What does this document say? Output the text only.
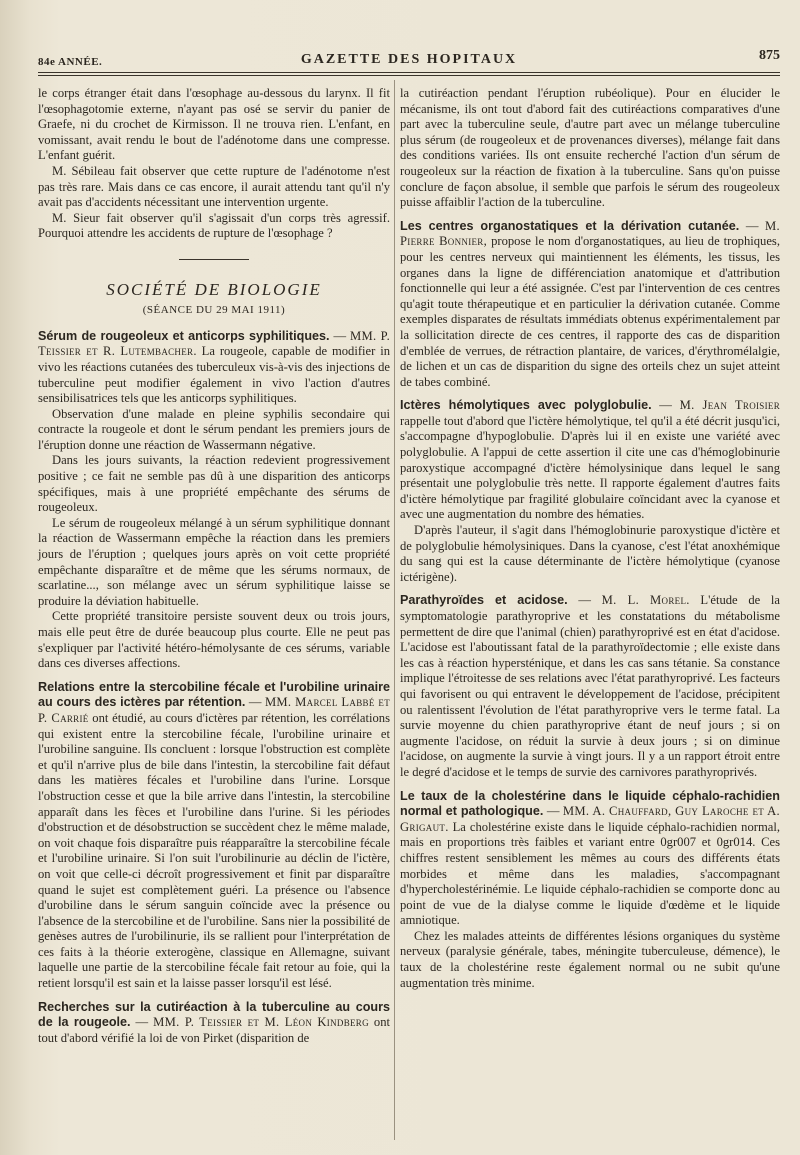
84e ANNÉE.	GAZETTE DES HOPITAUX	875

le corps étranger était dans l'œsophage au-dessous du larynx. Il fit l'œsophagotomie externe, n'ayant pas osé se servir du panier de Graefe, ni du crochet de Kirmisson. Il ne trouva rien. L'enfant, en vomissant, avait rendu le bout de l'adénotome dans une compresse. L'enfant guérit.

M. Sébileau fait observer que cette rupture de l'adénotome n'est pas très rare. Mais dans ce cas encore, il aurait attendu tant qu'il n'y avait pas d'accidents nécessitant une intervention urgente.

M. Sieur fait observer qu'il s'agissait d'un corps très agressif. Pourquoi attendre les accidents de rupture de l'œsophage ?

SOCIÉTÉ DE BIOLOGIE
(SÉANCE DU 29 MAI 1911)

Sérum de rougeoleux et anticorps syphilitiques. — MM. P. Teissier et R. Lutembacher. La rougeole, capable de modifier in vivo les réactions cutanées des tuberculeux vis-à-vis des injections de tuberculine peut modifier également in vivo l'action d'autres sensibilisatrices tels que les anticorps syphilitiques.

Observation d'une malade en pleine syphilis secondaire qui contracte la rougeole et dont le sérum pendant les premiers jours de l'éruption donne une réaction de Wassermann négative.

Dans les jours suivants, la réaction redevient progressivement positive ; ce fait ne semble pas dû à une disparition des anticorps spécifiques, mais à une propriété empêchante des sérums de rougeoleux.

Le sérum de rougeoleux mélangé à un sérum syphilitique donnant la réaction de Wassermann empêche la réaction dans les premiers jours de l'éruption ; quelques jours après on voit cette propriété empêchante disparaître et de même que les sérums normaux, de scarlatine..., son mélange avec un sérum syphilitique laisse se produire la déviation habituelle.

Cette propriété transitoire persiste souvent deux ou trois jours, mais elle peut être de durée beaucoup plus courte. Elle ne peut pas s'expliquer par l'activité hétéro-hémolysante de ces sérums, variable dans ces diverses affections.

Relations entre la stercobiline fécale et l'urobiline urinaire au cours des ictères par rétention. — MM. Marcel Labbé et P. Carrié ont étudié, au cours d'ictères par rétention, les corrélations qui existent entre la stercobiline fécale, l'urobiline urinaire et l'urobiline sanguine. Ils concluent : lorsque l'obstruction est complète et qu'il n'arrive plus de bile dans l'intestin, la stercobiline fait défaut dans les matières fécales et l'urobiline dans l'urine. Lorsque l'obstruction cesse et que la bile arrive dans l'intestin, la stercobiline apparaît dans les fèces et l'urobiline dans l'urine. Si les périodes d'obstruction et de désobstruction se succèdent chez le même malade, on voit chaque fois disparaître puis réapparaître la stercobiline fécale et l'urobiline urinaire. Si l'on suit l'urobilinurie au déclin de l'ictère, on voit que celle-ci décroît progressivement et finit par disparaître quand le sujet est complètement guéri. La présence ou l'absence d'urobiline dans le sérum sanguin coïncide avec la présence ou l'absence de la stercobiline et de l'urobiline. Sans nier la possibilité de genèses autres de l'urobilinurie, ils se rallient pour l'interprétation de ces faits à la théorie exterogène, classique en Allemagne, suivant laquelle une partie de la stercobiline fécale fait retour au foie, qui la retient lorsqu'il est sain et la laisse passer lorsqu'il est lésé.

Recherches sur la cutiréaction à la tuberculine au cours de la rougeole. — MM. P. Teissier et M. Léon Kindberg ont tout d'abord vérifié la loi de von Pirket (disparition de

la cutiréaction pendant l'éruption rubéolique). Pour en élucider le mécanisme, ils ont tout d'abord fait des cutiréactions comparatives d'une part avec la tuberculine seule, d'autre part avec un mélange tuberculine plus sérum (de rougeoleux et de provenances diverses), mélange fait dans des conditions variées. Ils ont ensuite recherché l'action d'un sérum de rougeoleux sur la réaction de fixation à la tuberculine. Sans qu'on puisse conclure de façon absolue, il semble que parfois le sérum des rougeoleux puisse affaiblir l'action de la tuberculine.

Les centres organostatiques et la dérivation cutanée. — M. Pierre Bonnier, propose le nom d'organostatiques, au lieu de trophiques, pour les centres nerveux qui maintiennent les éléments, les tissus, les organes dans la ligne de différenciation anatomique et d'attribution fonctionnelle qui leur a été assignée. C'est par l'intervention de ces centres qu'agit toute thérapeutique et en particulier la dérivation cutanée. Comme exemples disparates de résultats immédiats obtenus expérimentalement par la sollicitation directe de ces centres, il rapporte des cas de disparition d'emblée de verrues, de rétraction plantaire, de varices, d'érythromélalgie, de lichen et un cas de disparition du signe des orteils chez un sujet atteint de tabes combiné.

Ictères hémolytiques avec polyglobulie. — M. Jean Troisier rappelle tout d'abord que l'ictère hémolytique, tel qu'il a été décrit jusqu'ici, s'accompagne d'hypoglobulie. D'après lui il en existe une variété avec polyglobulie. A l'appui de cette assertion il cite une cas d'hémoglobinurie paroxystique accompagné d'ictère hémolysinique dans lequel le sang présentait une polyglobulie très nette. Il rapporte également d'autres faits d'ictère hémolytique par fragilité globulaire coïncidant avec la cyanose et avec une augmentation du nombre des hématies.

D'après l'auteur, il s'agit dans l'hémoglobinurie paroxystique d'ictère et de polyglobulie hémolysiniques. Dans la cyanose, c'est l'état anoxhémique du sang qui est la cause déterminante de l'ictère hémolytique (cyanose ictérigène).

Parathyroïdes et acidose. — M. L. Morel. L'étude de la symptomatologie parathyroprive et les constatations du métabolisme permettent de dire que l'animal (chien) parathyroprivé est en état d'acidose. L'acidose est l'aboutissant fatal de la parathyroïdectomie ; elle existe dans les cas à réaction hypersténique, et dans les cas sans tétanie. Sa constance implique l'étroitesse de ses relations avec l'état parathyroprivé. Les facteurs qui favorisent ou qui entravent le développement de l'acidose, précipitent ou ralentissent l'évolution de l'état parathyroprive vers le terme fatal. La survie moyenne du chien parathyroprive étant de neuf jours ; si on augmente l'acidose, on réduit la survie à deux jours ; si on diminue l'acidose, on augmente la survie à vingt jours. Il y a un rapport étroit entre le degré d'acidose et le temps de survie des carnivores parathyroprivés.

Le taux de la cholestérine dans le liquide céphalo-rachidien normal et pathologique. — MM. A. Chauffard, Guy Laroche et A. Grigaut. La cholestérine existe dans le liquide céphalo-rachidien normal, mais en proportions très faibles et variant entre 0gr007 et 0gr014. Ces chiffres restent sensiblement les mêmes au cours des différents états morbides et même dans les maladies, s'accompagnant d'hypercholestérinémie. Le liquide céphalo-rachidien se comporte donc au point de vue de la dialyse comme le liquide d'œdème et le liquide amniotique.

Chez les malades atteints de différentes lésions organiques du système nerveux (paralysie générale, tabes, méningite tuberculeuse, démence), le taux de la cholestérine reste également normal ou ne subit qu'une augmentation très minime.
